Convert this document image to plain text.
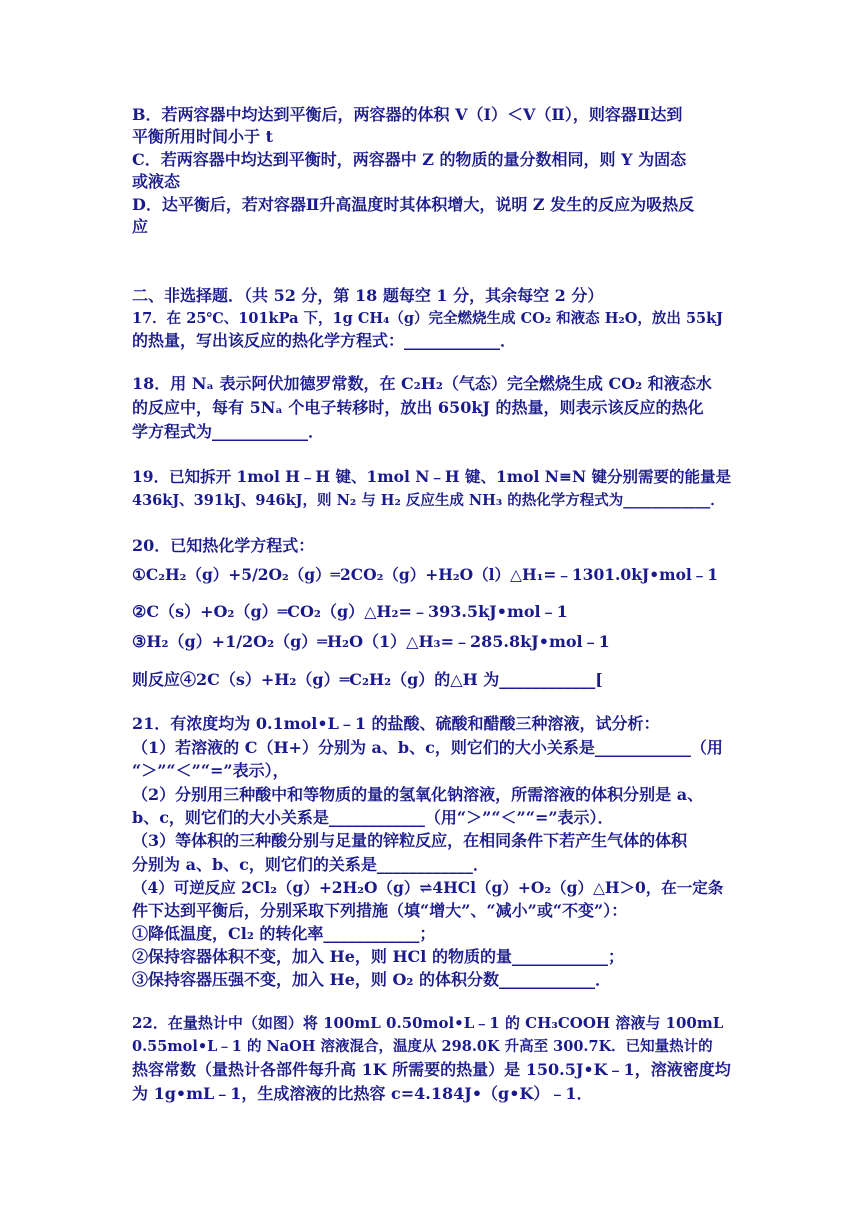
B．若两容器中均达到平衡后，两容器的体积 V（I）＜V（Ⅱ），则容器Ⅱ达到
平衡所用时间小于 t
C．若两容器中均达到平衡时，两容器中 Z 的物质的量分数相同，则 Y 为固态
或液态
D．达平衡后，若对容器Ⅱ升高温度时其体积增大，说明 Z 发生的反应为吸热反
应
二、非选择题．（共 52 分，第 18 题每空 1 分，其余每空 2 分）
17．在 25℃、101kPa 下，1g CH₄（g）完全燃烧生成 CO₂ 和液态 H₂O，放出 55kJ
的热量，写出该反应的热化学方程式：____________．
18．用 Nₐ 表示阿伏加德罗常数，在 C₂H₂（气态）完全燃烧生成 CO₂ 和液态水
的反应中，每有 5Nₐ 个电子转移时，放出 650kJ 的热量，则表示该反应的热化
学方程式为____________．
19．已知拆开 1mol H﹣H 键、1mol N﹣H 键、1mol N≡N 键分别需要的能量是
436kJ、391kJ、946kJ，则 N₂ 与 H₂ 反应生成 NH₃ 的热化学方程式为____________．
20．已知热化学方程式：
①C₂H₂（g）+5/2O₂（g）═2CO₂（g）+H₂O（l）△H₁=﹣1301.0kJ•mol﹣1
②C（s）+O₂（g）═CO₂（g）△H₂=﹣393.5kJ•mol﹣1
③H₂（g）+1/2O₂（g）═H₂O（1）△H₃=﹣285.8kJ•mol﹣1
则反应④2C（s）+H₂（g）═C₂H₂（g）的△H 为____________[
21．有浓度均为 0.1mol•L﹣1 的盐酸、硫酸和醋酸三种溶液，试分析：
（1）若溶液的 C（H+）分别为 a、b、c，则它们的大小关系是____________（用
“＞”“＜”“=”表示），
（2）分别用三种酸中和等物质的量的氢氧化钠溶液，所需溶液的体积分别是 a、
b、c，则它们的大小关系是____________（用“＞”“＜”“=”表示）．
（3）等体积的三种酸分别与足量的锌粒反应，在相同条件下若产生气体的体积
分别为 a、b、c，则它们的关系是____________．
（4）可逆反应 2Cl₂（g）+2H₂O（g）⇌4HCl（g）+O₂（g）△H＞0，在一定条
件下达到平衡后，分别采取下列措施（填“增大”、“减小”或“不变”）：
①降低温度，Cl₂ 的转化率____________；
②保持容器体积不变，加入 He，则 HCl 的物质的量____________；
③保持容器压强不变，加入 He，则 O₂ 的体积分数____________．
22．在量热计中（如图）将 100mL 0.50mol•L﹣1 的 CH₃COOH 溶液与 100mL
0.55mol•L﹣1 的 NaOH 溶液混合，温度从 298.0K 升高至 300.7K．已知量热计的
热容常数（量热计各部件每升高 1K 所需要的热量）是 150.5J•K﹣1，溶液密度均
为 1g•mL﹣1，生成溶液的比热容 c=4.184J•（g•K）﹣1．
